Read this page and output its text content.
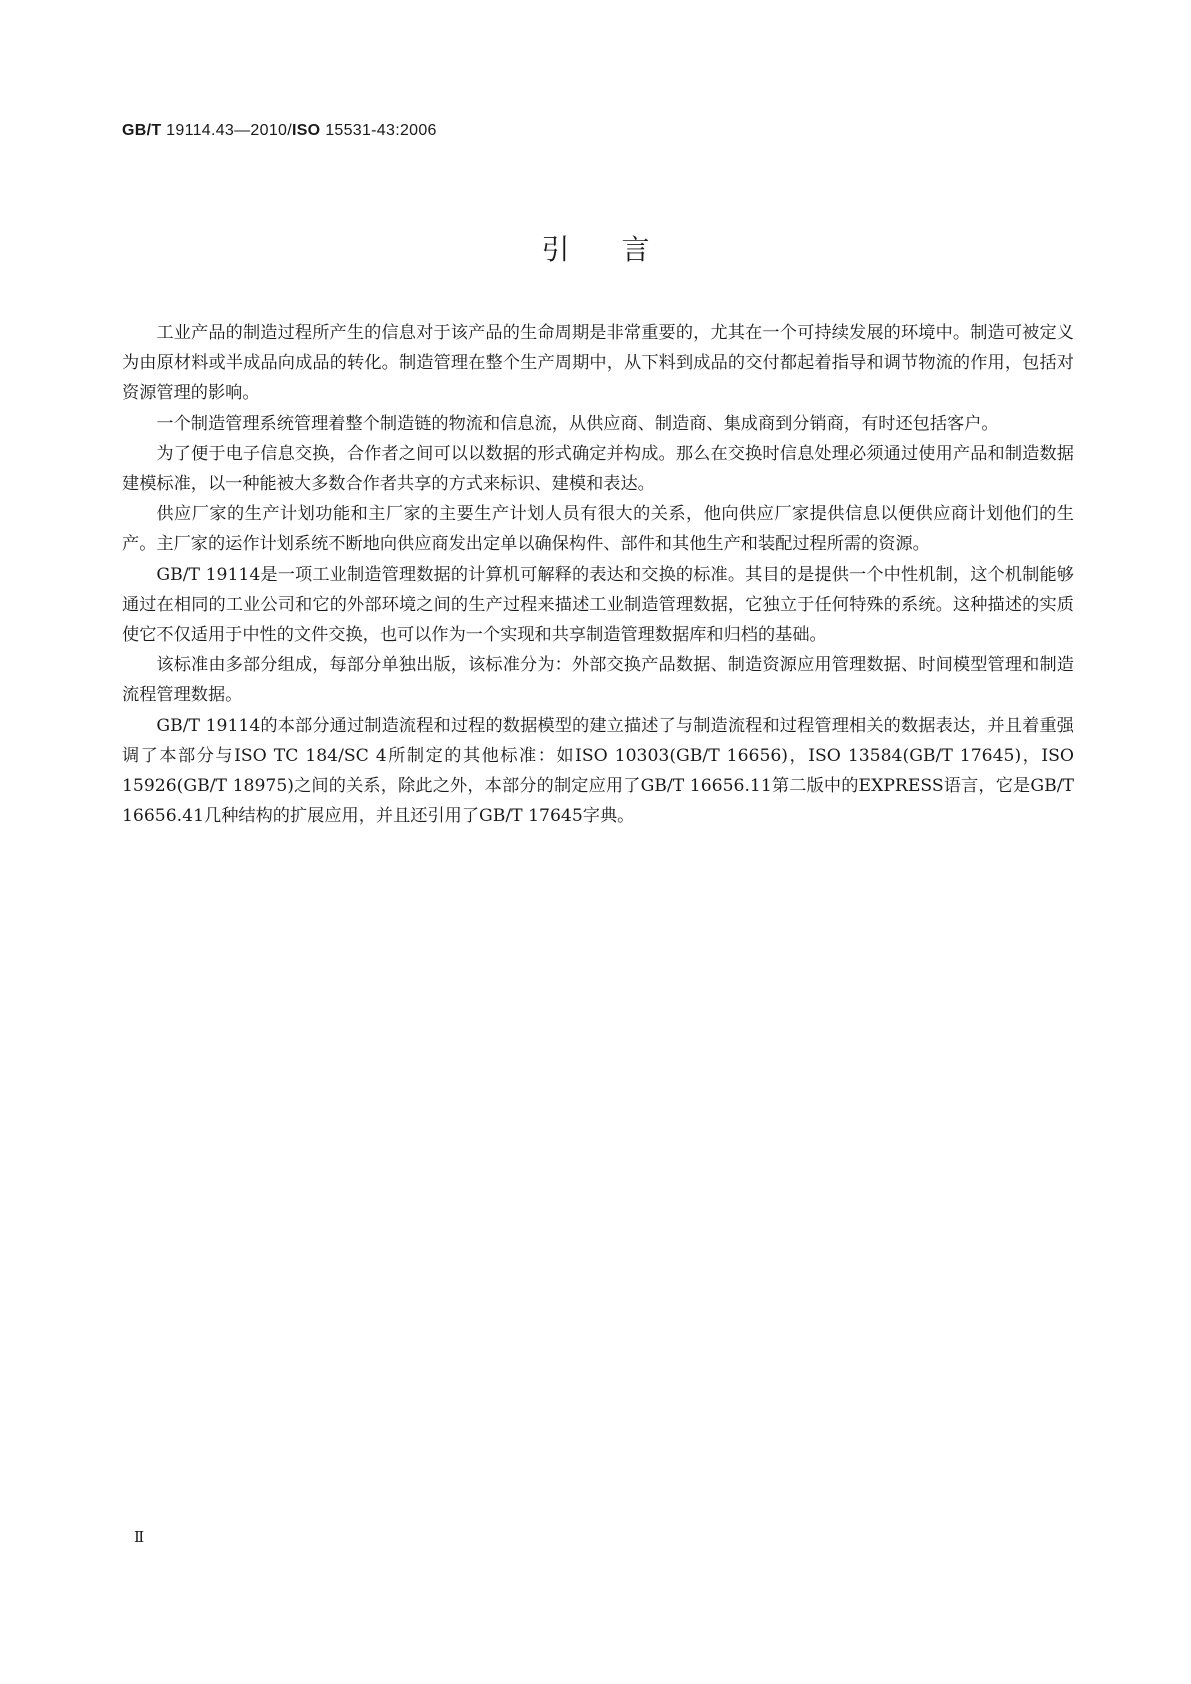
GB/T 19114.43—2010/ISO 15531-43:2006
引言

工业产品的制造过程所产生的信息对于该产品的生命周期是非常重要的，尤其在一个可持续发展的环境中。制造可被定义为由原材料或半成品向成品的转化。制造管理在整个生产周期中，从下料到成品的交付都起着指导和调节物流的作用，包括对资源管理的影响。

一个制造管理系统管理着整个制造链的物流和信息流，从供应商、制造商、集成商到分销商，有时还包括客户。

为了便于电子信息交换，合作者之间可以以数据的形式确定并构成。那么在交换时信息处理必须通过使用产品和制造数据建模标准，以一种能被大多数合作者共享的方式来标识、建模和表达。

供应厂家的生产计划功能和主厂家的主要生产计划人员有很大的关系，他向供应厂家提供信息以便供应商计划他们的生产。主厂家的运作计划系统不断地向供应商发出定单以确保构件、部件和其他生产和装配过程所需的资源。

GB/T 19114是一项工业制造管理数据的计算机可解释的表达和交换的标准。其目的是提供一个中性机制，这个机制能够通过在相同的工业公司和它的外部环境之间的生产过程来描述工业制造管理数据，它独立于任何特殊的系统。这种描述的实质使它不仅适用于中性的文件交换，也可以作为一个实现和共享制造管理数据库和归档的基础。

该标准由多部分组成，每部分单独出版，该标准分为：外部交换产品数据、制造资源应用管理数据、时间模型管理和制造流程管理数据。

GB/T 19114的本部分通过制造流程和过程的数据模型的建立描述了与制造流程和过程管理相关的数据表达，并且着重强调了本部分与ISO TC 184/SC 4所制定的其他标准：如ISO 10303(GB/T 16656)，ISO 13584(GB/T 17645)，ISO 15926(GB/T 18975)之间的关系，除此之外，本部分的制定应用了GB/T 16656.11第二版中的EXPRESS语言，它是GB/T 16656.41几种结构的扩展应用，并且还引用了GB/T 17645字典。

Ⅱ
